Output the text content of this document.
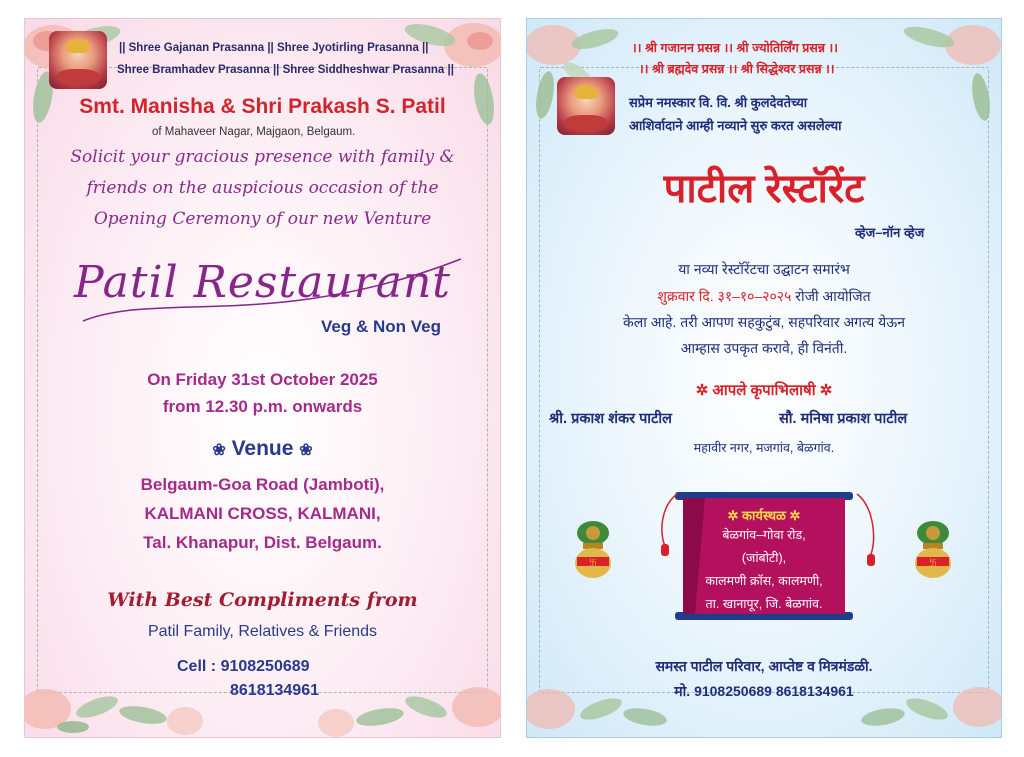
|| Shree Gajanan Prasanna || Shree Jyotirling Prasanna ||
Shree Bramhadev Prasanna || Shree Siddheshwar Prasanna ||
Smt. Manisha & Shri Prakash S. Patil
of Mahaveer Nagar, Majgaon, Belgaum.
Solicit your gracious presence with family &
friends on the auspicious occasion of the
Opening Ceremony of our new Venture
Patil Restaurant
Veg & Non Veg
On Friday 31st October 2025
from 12.30 p.m. onwards
❀ Venue ❀
Belgaum-Goa Road (Jamboti),
KALMANI CROSS, KALMANI,
Tal. Khanapur, Dist. Belgaum.
With Best Compliments from
Patil Family, Relatives & Friends
Cell : 9108250689
8618134961
।। श्री गजानन प्रसन्न ।। श्री ज्योतिर्लिंग प्रसन्न ।।
।। श्री ब्रह्मदेव प्रसन्न ।। श्री सिद्धेश्वर प्रसन्न ।।
सप्रेम नमस्कार वि. वि. श्री कुलदेवतेच्या
आशिर्वादाने आम्ही नव्याने सुरु करत असलेल्या
पाटील रेस्टॉरेंट
व्हेज–नॉन व्हेज
या नव्या रेस्टॉरेंटचा उद्घाटन समारंभ
शुक्रवार दि. ३१–१०–२०२५ रोजी आयोजित
केला आहे. तरी आपण सहकुटुंब, सहपरिवार अगत्य येऊन
आम्हास उपकृत करावे, ही विनंती.
✲ आपले कृपाभिलाषी ✲
श्री. प्रकाश शंकर पाटील	सौ. मनिषा प्रकाश पाटील
महावीर नगर, मजगांव, बेळगांव.
✲ कार्यस्थळ ✲
बेळगांव–गोवा रोड,
(जांबोटी),
कालमणी क्रॉस, कालमणी,
ता. खानापूर, जि. बेळगांव.
卐	卐
समस्त पाटील परिवार, आप्तेष्ट व मित्रमंडळी.
मो. 9108250689 8618134961
